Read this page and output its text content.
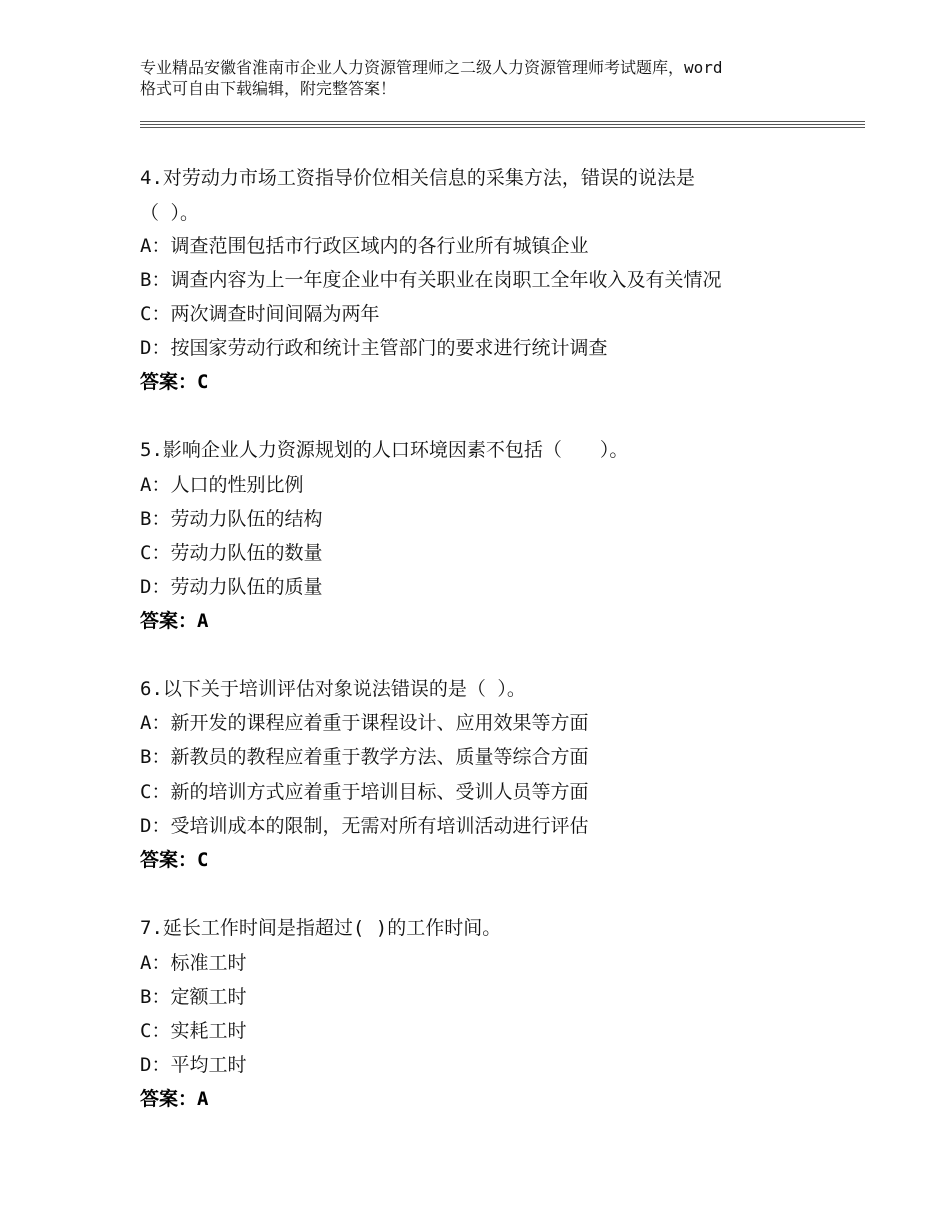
专业精品安徽省淮南市企业人力资源管理师之二级人力资源管理师考试题库，word
格式可自由下载编辑，附完整答案！
4.对劳动力市场工资指导价位相关信息的采集方法，错误的说法是
（ ）。
A：调查范围包括市行政区域内的各行业所有城镇企业
B：调查内容为上一年度企业中有关职业在岗职工全年收入及有关情况
C：两次调查时间间隔为两年
D：按国家劳动行政和统计主管部门的要求进行统计调查
答案：C
5.影响企业人力资源规划的人口环境因素不包括（　　）。
A：人口的性别比例
B：劳动力队伍的结构
C：劳动力队伍的数量
D：劳动力队伍的质量
答案：A
6.以下关于培训评估对象说法错误的是（ ）。
A：新开发的课程应着重于课程设计、应用效果等方面
B：新教员的教程应着重于教学方法、质量等综合方面
C：新的培训方式应着重于培训目标、受训人员等方面
D：受培训成本的限制，无需对所有培训活动进行评估
答案：C
7.延长工作时间是指超过( )的工作时间。
A：标准工时
B：定额工时
C：实耗工时
D：平均工时
答案：A
